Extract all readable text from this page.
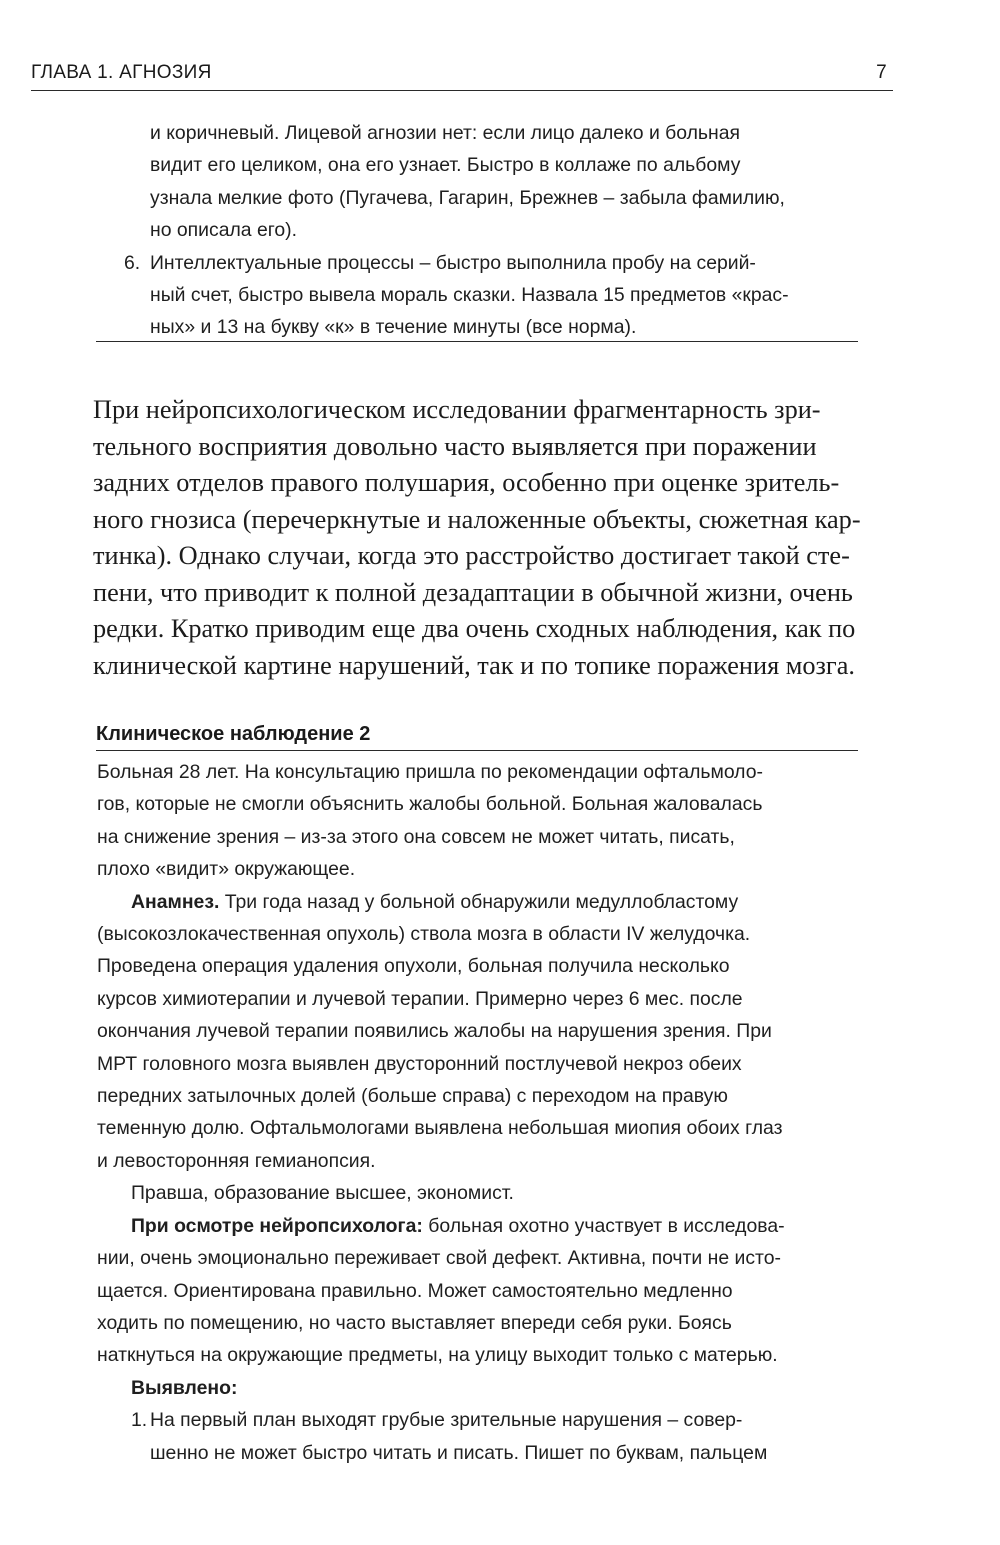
ГЛАВА 1. АГНОЗИЯ	7

и коричневый. Лицевой агнозии нет: если лицо далеко и больная

видит его целиком, она его узнает. Быстро в коллаже по альбому

узнала мелкие фото (Пугачева, Гагарин, Брежнев – забыла фамилию,

но описала его).

6. Интеллектуальные процессы – быстро выполнила пробу на серий-

ный счет, быстро вывела мораль сказки. Назвала 15 предметов «крас-

ных» и 13 на букву «к» в течение минуты (все норма).

При нейропсихологическом исследовании фрагментарность зри-

тельного восприятия довольно часто выявляется при поражении

задних отделов правого полушария, особенно при оценке зритель-

ного гнозиса (перечеркнутые и наложенные объекты, сюжетная кар-

тинка). Однако случаи, когда это расстройство достигает такой сте-

пени, что приводит к полной дезадаптации в обычной жизни, очень

редки. Кратко приводим еще два очень сходных наблюдения, как по

клинической картине нарушений, так и по топике поражения мозга.

Клиническое наблюдение 2

Больная 28 лет. На консультацию пришла по рекомендации офтальмоло-

гов, которые не смогли объяснить жалобы больной. Больная жаловалась

на снижение зрения – из-за этого она совсем не может читать, писать,

плохо «видит» окружающее.

Анамнез. Три года назад у больной обнаружили медуллобластому

(высокозлокачественная опухоль) ствола мозга в области IV желудочка.

Проведена операция удаления опухоли, больная получила несколько

курсов химиотерапии и лучевой терапии. Примерно через 6 мес. после

окончания лучевой терапии появились жалобы на нарушения зрения. При

МРТ головного мозга выявлен двусторонний постлучевой некроз обеих

передних затылочных долей (больше справа) с переходом на правую

теменную долю. Офтальмологами выявлена небольшая миопия обоих глаз

и левосторонняя гемианопсия.

Правша, образование высшее, экономист.

При осмотре нейропсихолога: больная охотно участвует в исследова-

нии, очень эмоционально переживает свой дефект. Активна, почти не исто-

щается. Ориентирована правильно. Может самостоятельно медленно

ходить по помещению, но часто выставляет впереди себя руки. Боясь

наткнуться на окружающие предметы, на улицу выходит только с матерью.

Выявлено:

1. На первый план выходят грубые зрительные нарушения – совер-

шенно не может быстро читать и писать. Пишет по буквам, пальцем
